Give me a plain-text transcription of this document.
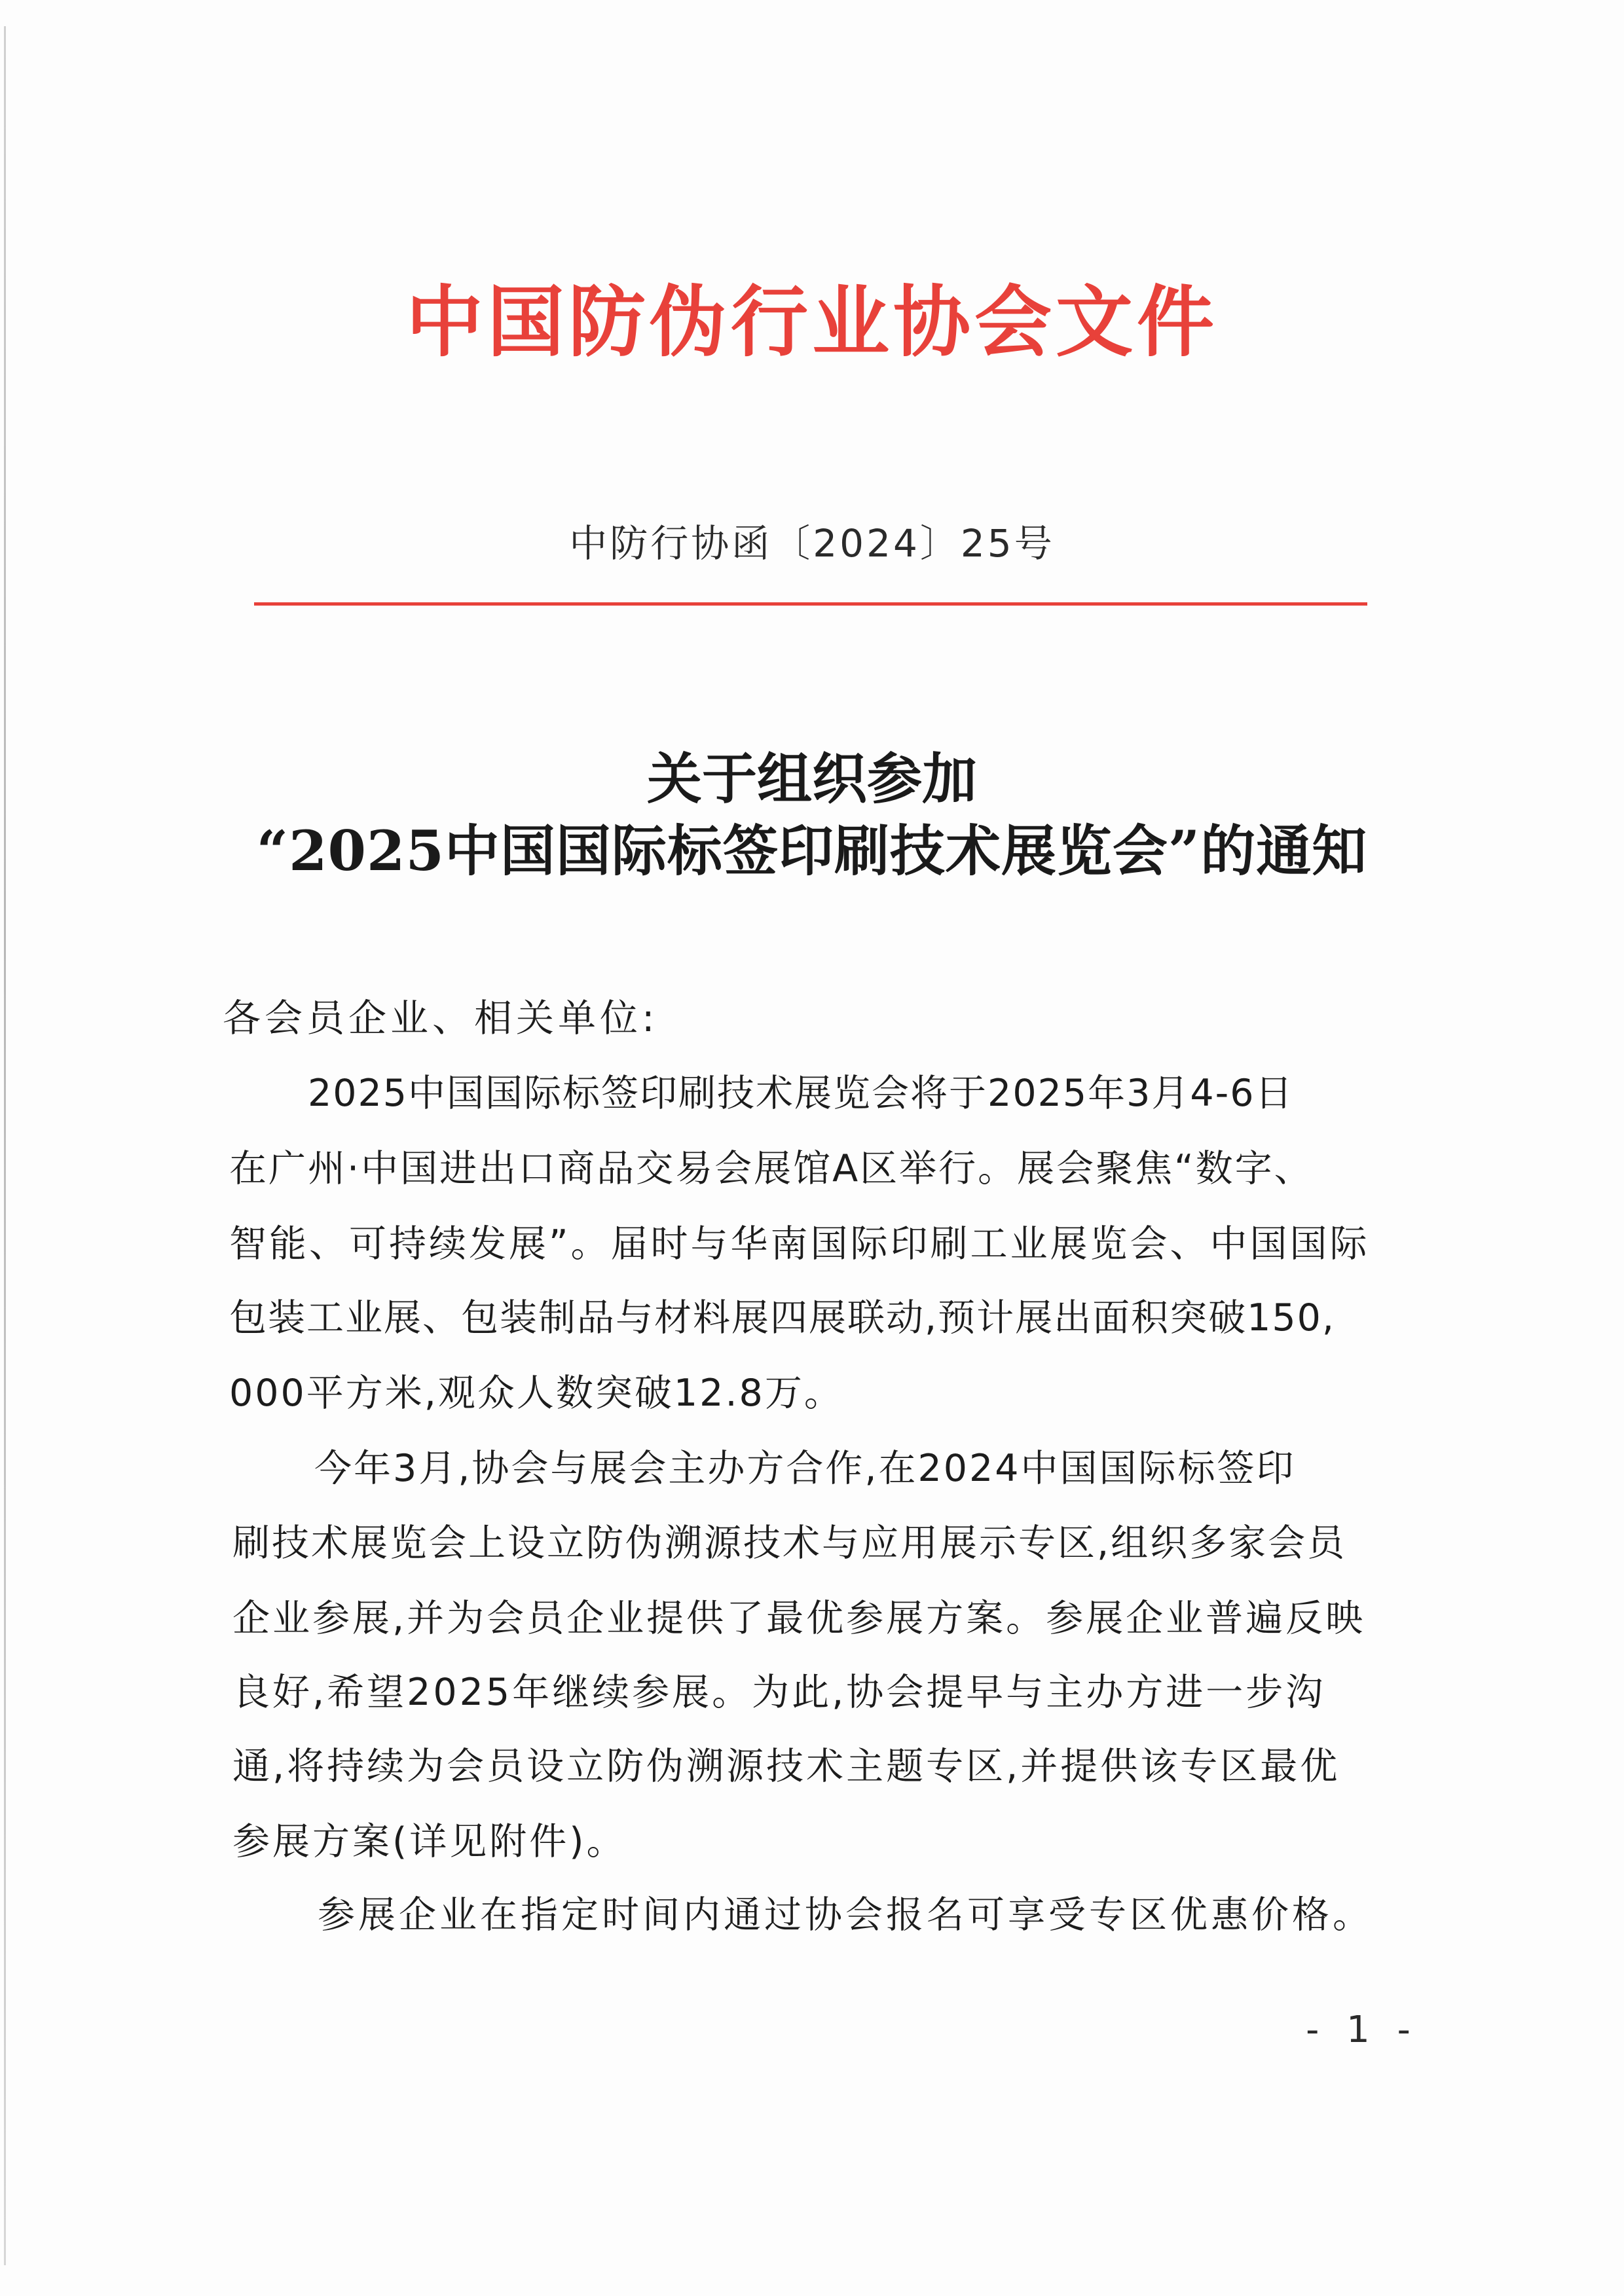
中国防伪行业协会文件
中防行协函〔2024〕25号
关于组织参加
“2025中国国际标签印刷技术展览会”的通知
各会员企业、相关单位:
2025中国国际标签印刷技术展览会将于2025年3月4-6日
在广州·中国进出口商品交易会展馆A区举行。展会聚焦“数字、
智能、可持续发展”。届时与华南国际印刷工业展览会、中国国际
包装工业展、包装制品与材料展四展联动,预计展出面积突破150,
000平方米,观众人数突破12.8万。
今年3月,协会与展会主办方合作,在2024中国国际标签印
刷技术展览会上设立防伪溯源技术与应用展示专区,组织多家会员
企业参展,并为会员企业提供了最优参展方案。参展企业普遍反映
良好,希望2025年继续参展。为此,协会提早与主办方进一步沟
通,将持续为会员设立防伪溯源技术主题专区,并提供该专区最优
参展方案(详见附件)。
参展企业在指定时间内通过协会报名可享受专区优惠价格。
- 1 -
